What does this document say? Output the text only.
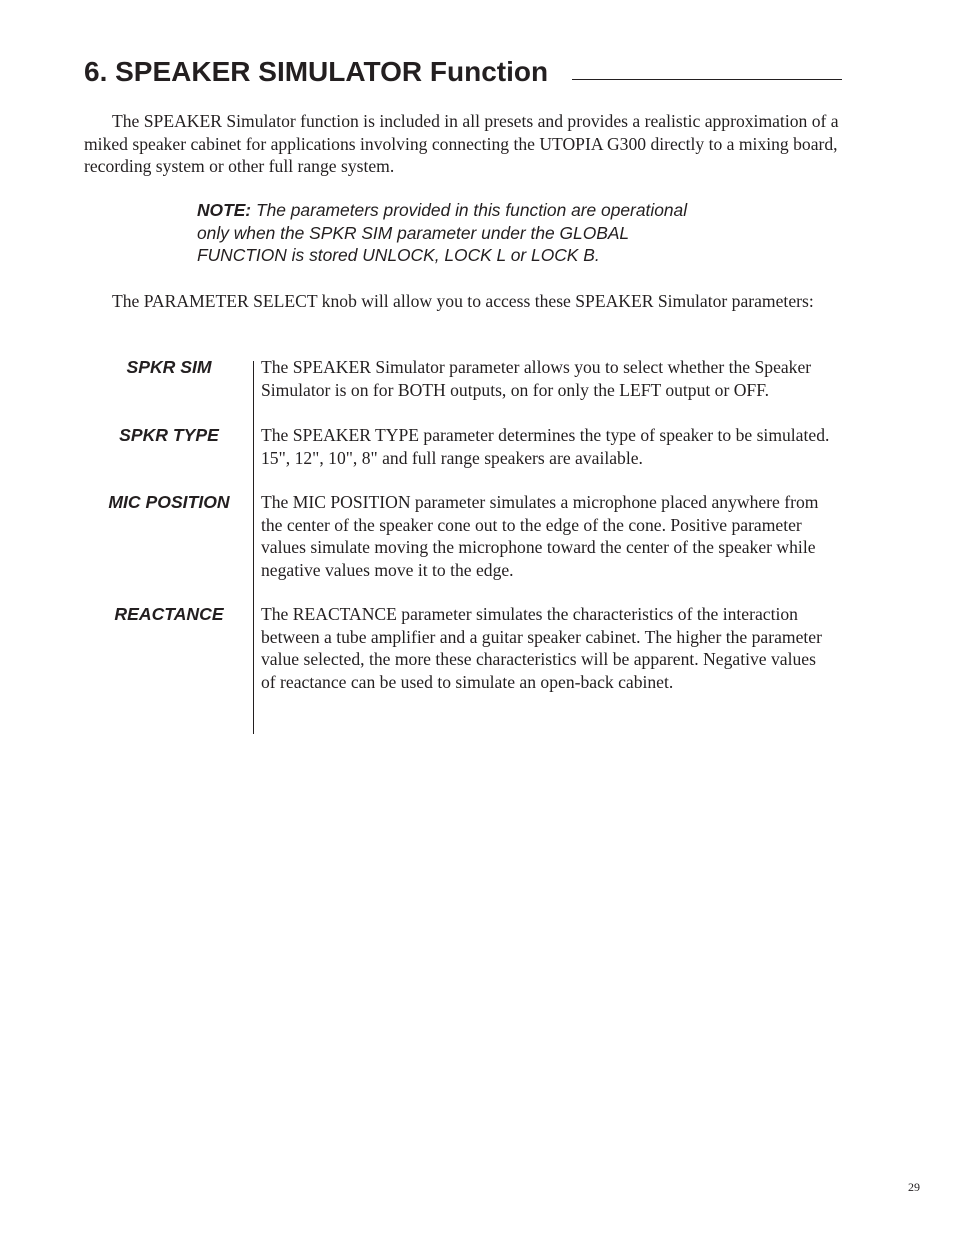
6. SPEAKER SIMULATOR Function

The SPEAKER Simulator function is included in all presets and provides a realistic approximation of a miked speaker cabinet for applications involving connecting the UTOPIA G300 directly to a mixing board, recording system or other full range system.

NOTE: The parameters provided in this function are operational
only when the SPKR SIM parameter under the GLOBAL
FUNCTION is stored UNLOCK, LOCK L or LOCK B.

The PARAMETER SELECT knob will allow you to access these SPEAKER Simulator parameters:

SPKR SIM	The SPEAKER Simulator parameter allows you to select whether the Speaker
Simulator is on for BOTH outputs, on for only the LEFT output or OFF.

SPKR TYPE	The SPEAKER TYPE parameter determines the type of speaker to be simulated.
15", 12", 10", 8" and full range speakers are available.

MIC POSITION	The MIC POSITION parameter simulates a microphone placed anywhere from
the center of the speaker cone out to the edge of the cone. Positive parameter
values simulate moving the microphone toward the center of the speaker while
negative values move it to the edge.

REACTANCE	The REACTANCE parameter simulates the characteristics of the interaction
between a tube amplifier and a guitar speaker cabinet. The higher the parameter
value selected, the more these characteristics will be apparent. Negative values
of reactance can be used to simulate an open-back cabinet.

29
